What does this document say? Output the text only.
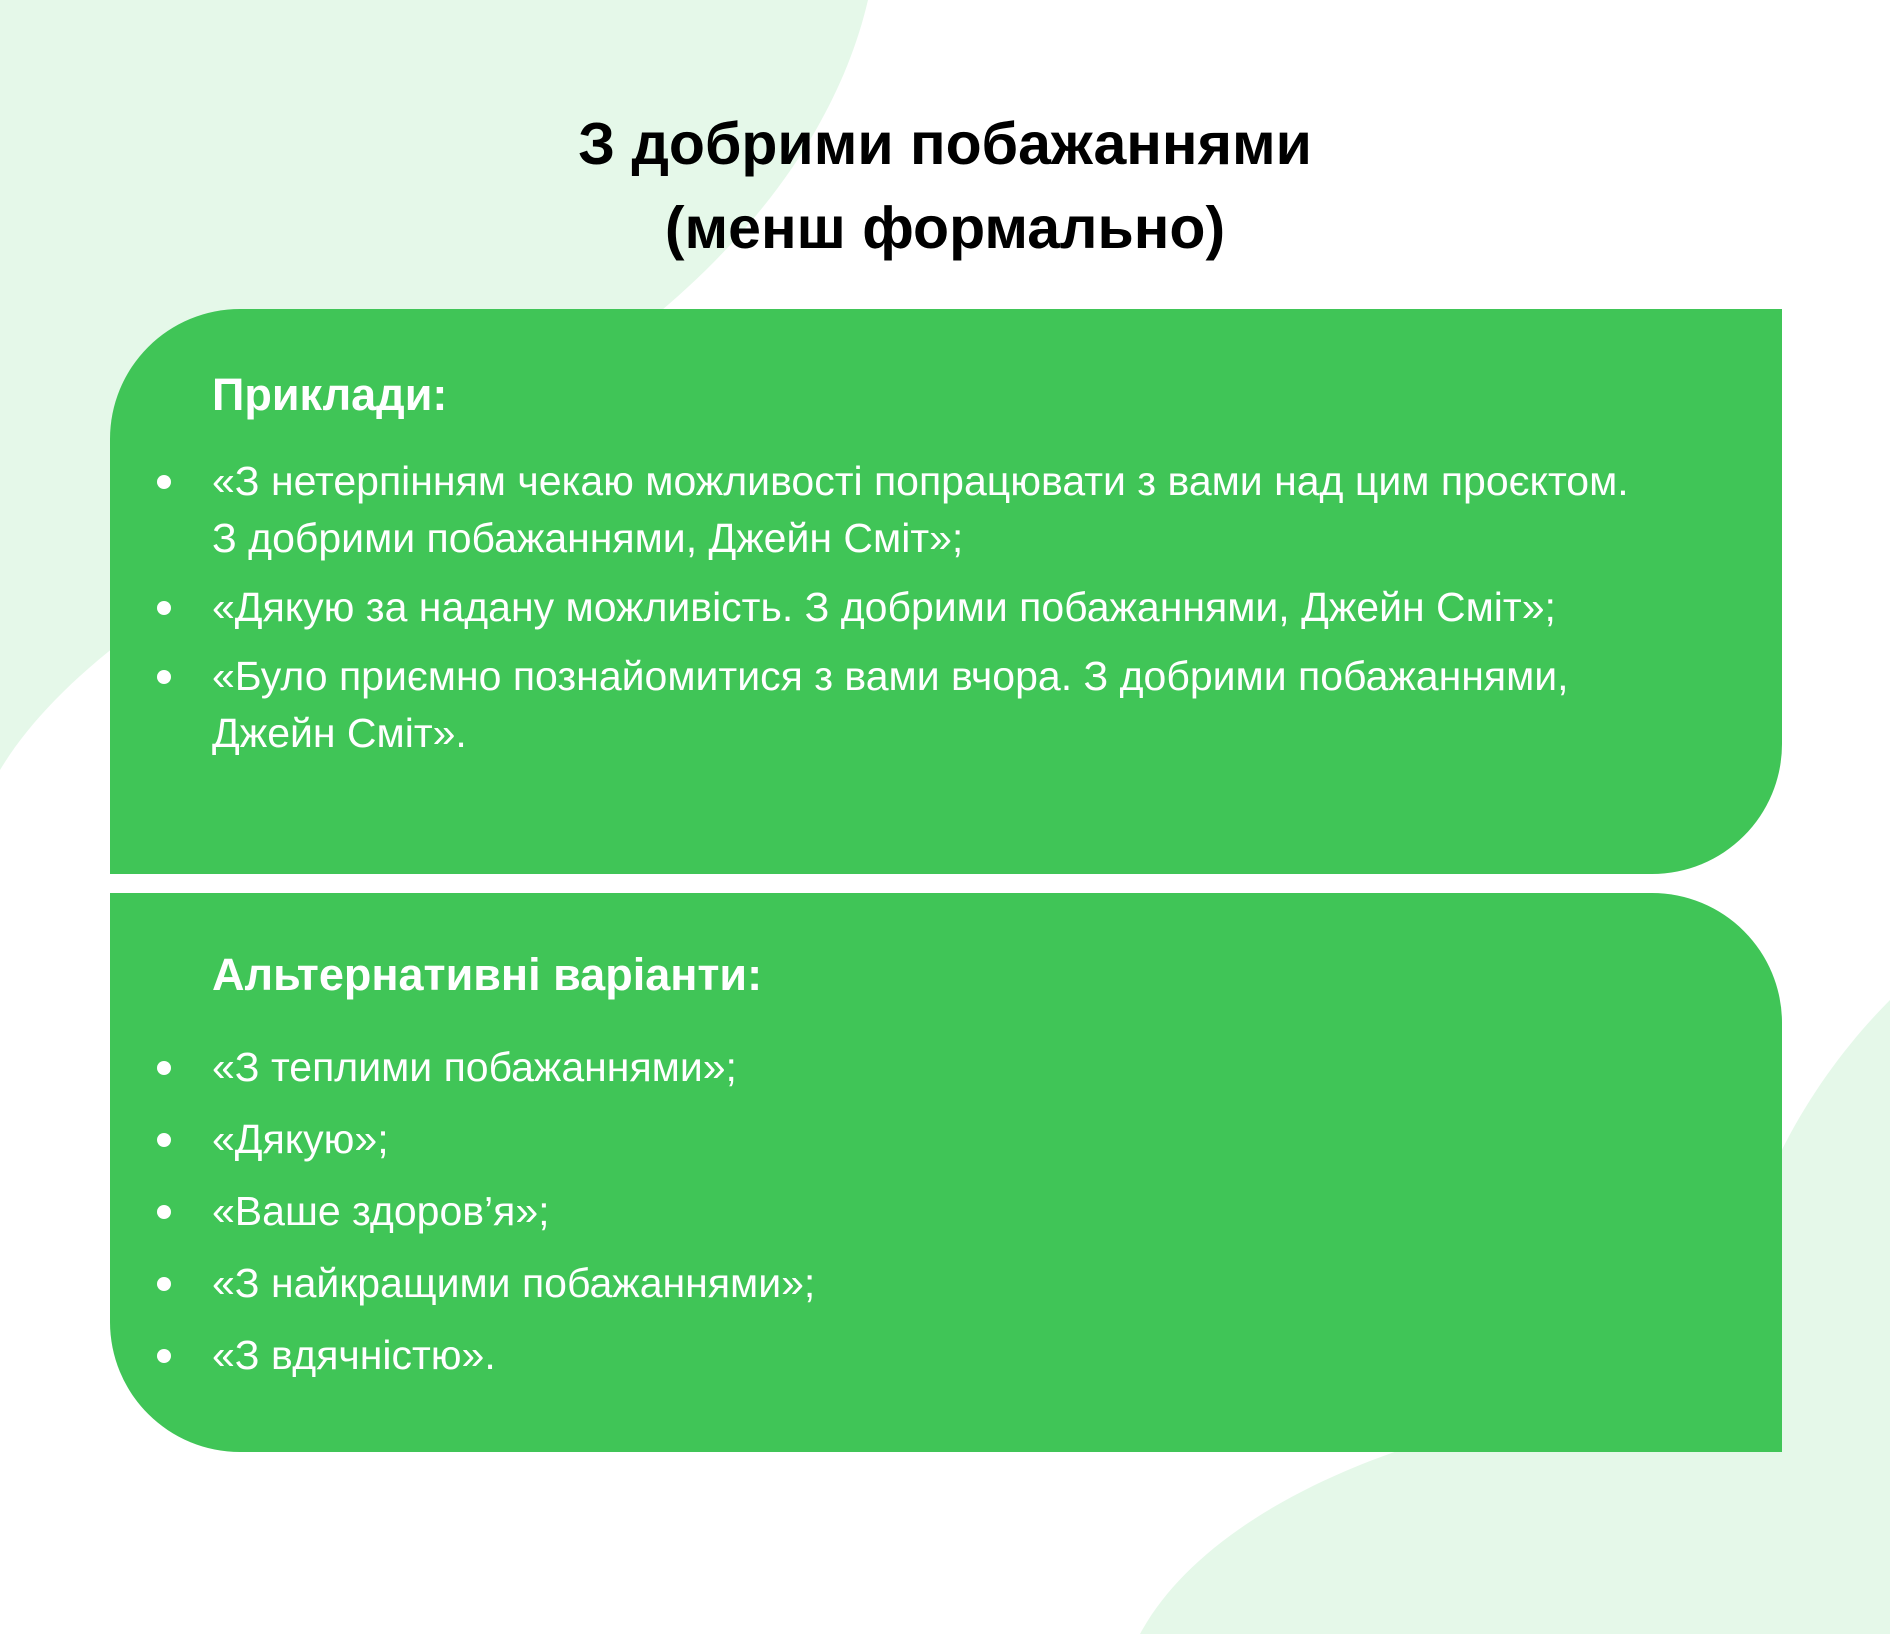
З добрими побажаннями
(менш формально)
Приклади:
«З нетерпінням чекаю можливості попрацювати з вами над цим проєктом. З добрими побажаннями, Джейн Сміт»;
«Дякую за надану можливість. З добрими побажаннями, Джейн Сміт»;
«Було приємно познайомитися з вами вчора. З добрими побажаннями, Джейн Сміт».
Альтернативні варіанти:
«З теплими побажаннями»;
«Дякую»;
«Ваше здоров’я»;
«З найкращими побажаннями»;
«З вдячністю».
